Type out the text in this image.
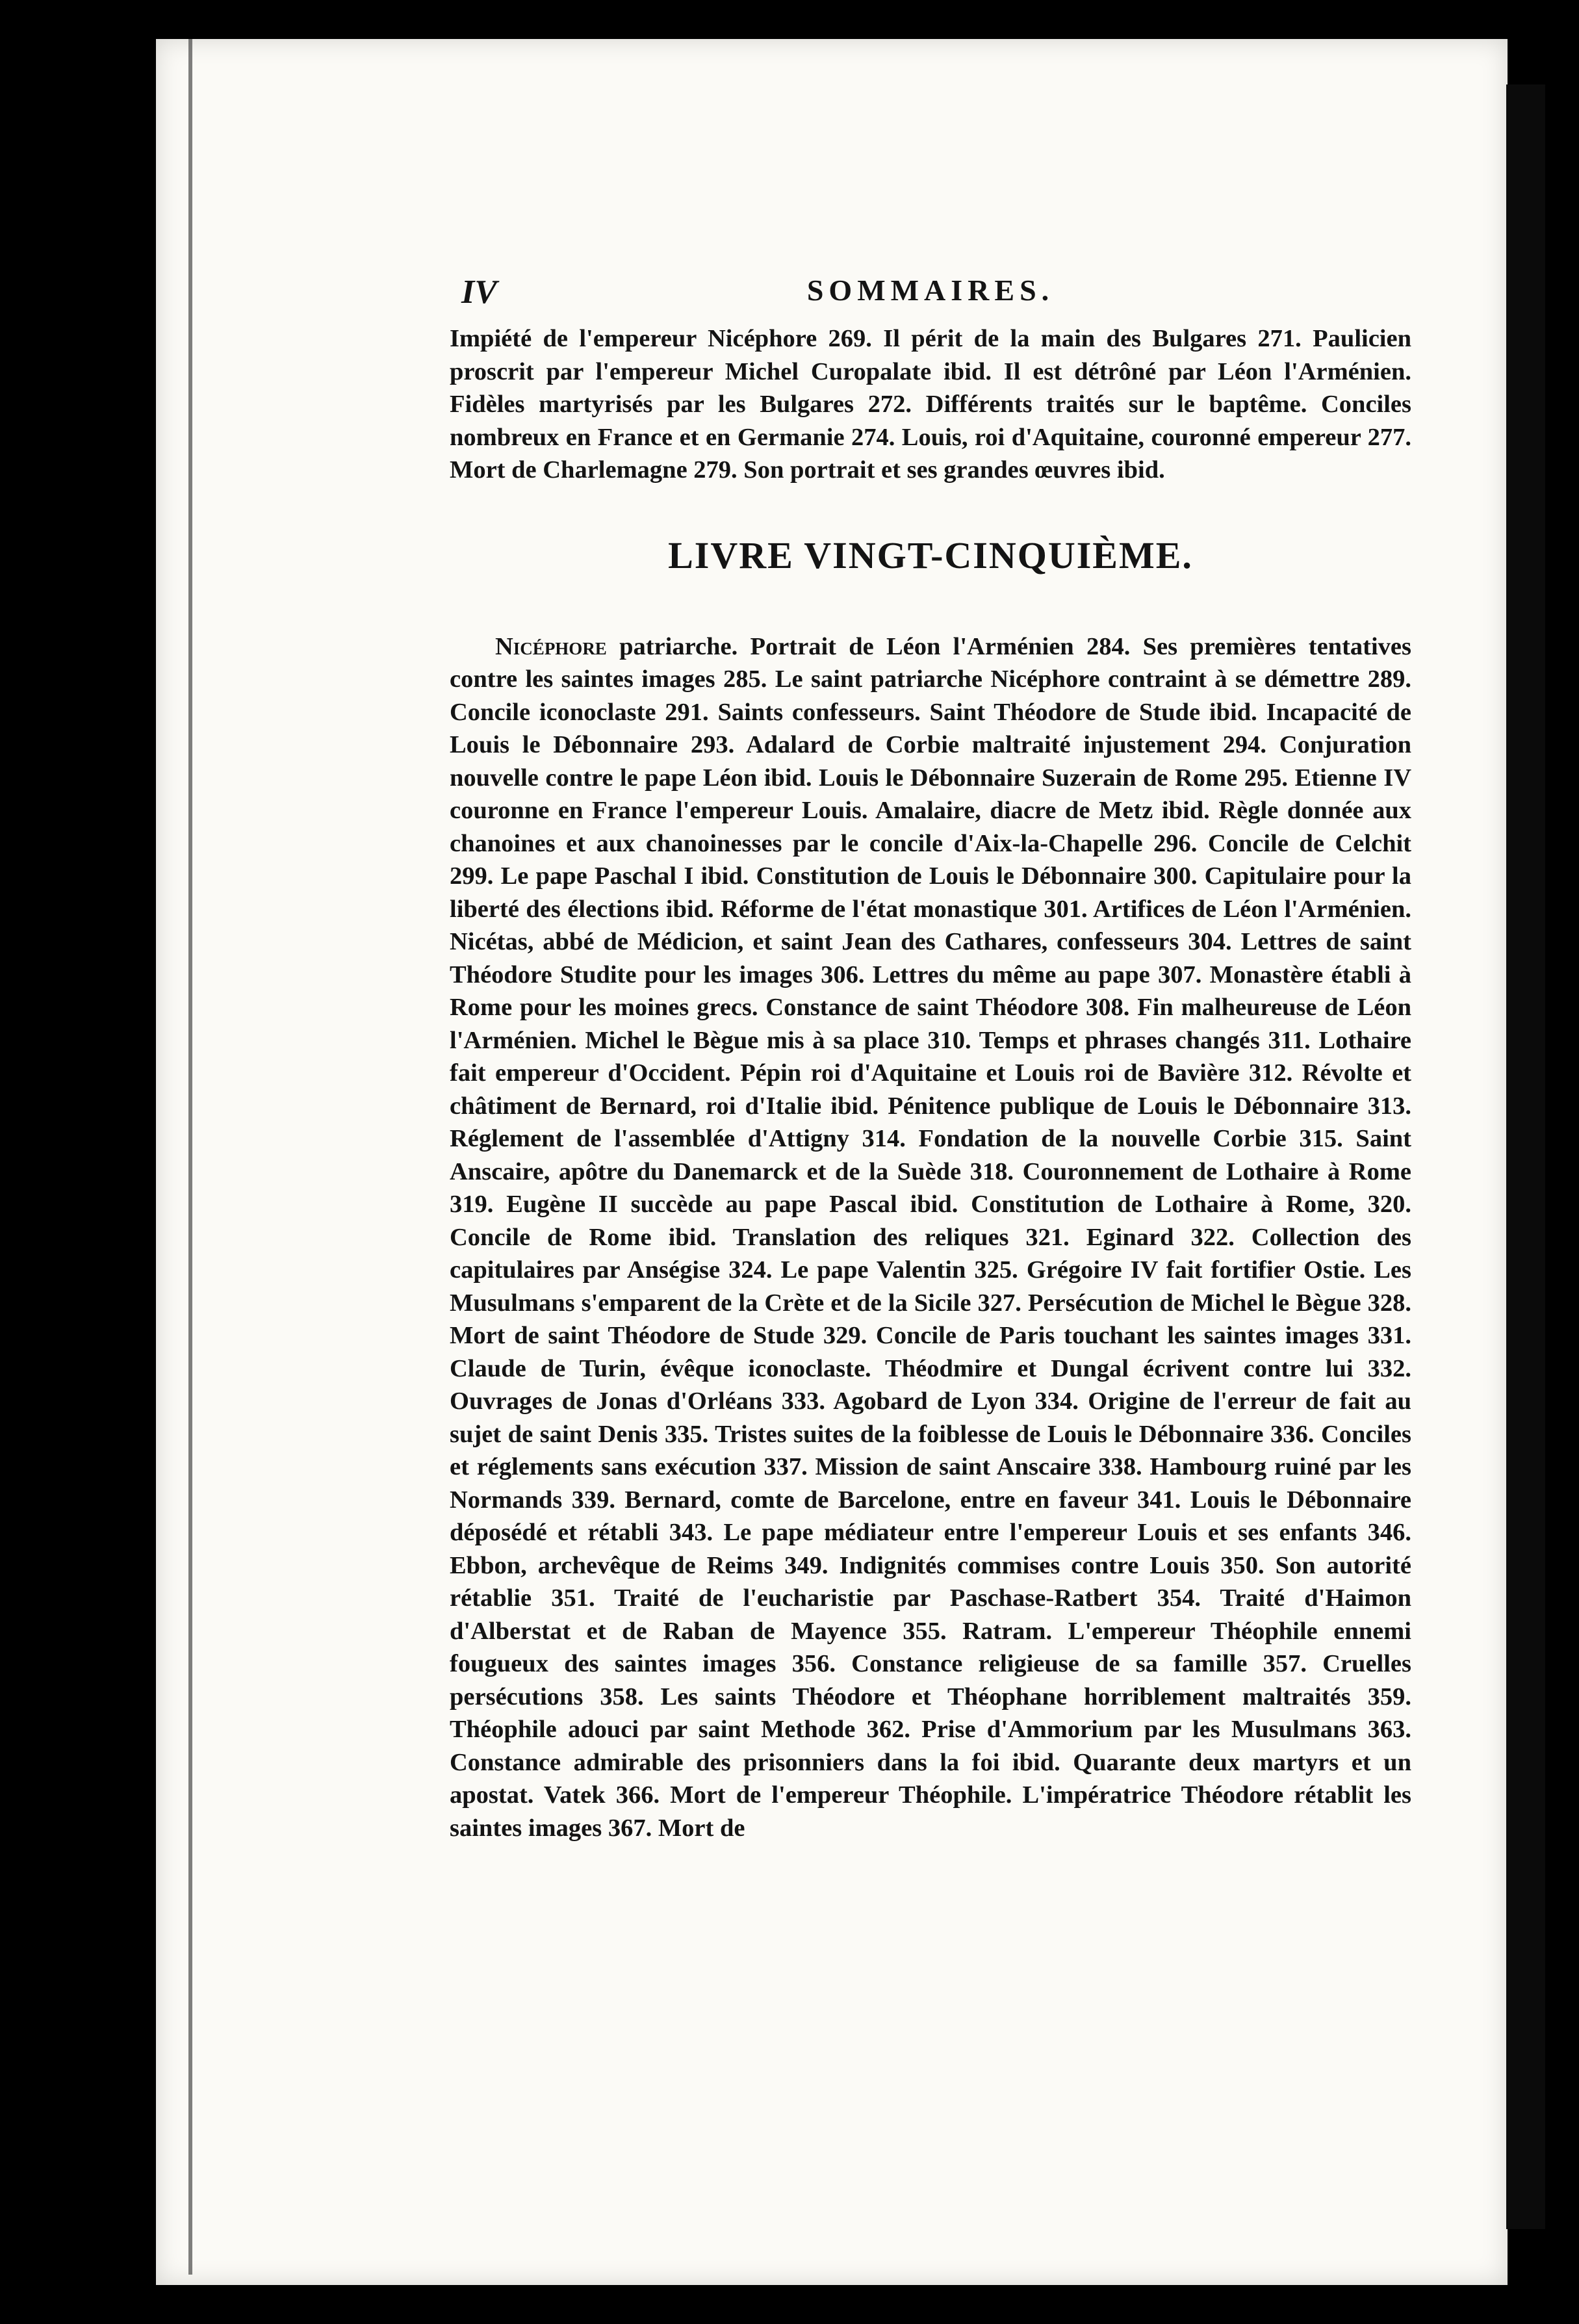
IV	SOMMAIRES.

Impiété de l'empereur Nicéphore 269. Il périt de la main des Bulgares 271. Paulicien proscrit par l'empereur Michel Curopalate ibid. Il est détrôné par Léon l'Arménien. Fidèles martyrisés par les Bulgares 272. Différents traités sur le baptême. Conciles nombreux en France et en Germanie 274. Louis, roi d'Aquitaine, couronné empereur 277. Mort de Charlemagne 279. Son portrait et ses grandes œuvres ibid.

LIVRE VINGT-CINQUIÈME.

Nicéphore patriarche. Portrait de Léon l'Arménien 284. Ses premières tentatives contre les saintes images 285. Le saint patriarche Nicéphore contraint à se démettre 289. Concile iconoclaste 291. Saints confesseurs. Saint Théodore de Stude ibid. Incapacité de Louis le Débonnaire 293. Adalard de Corbie maltraité injustement 294. Conjuration nouvelle contre le pape Léon ibid. Louis le Débonnaire Suzerain de Rome 295. Etienne IV couronne en France l'empereur Louis. Amalaire, diacre de Metz ibid. Règle donnée aux chanoines et aux chanoinesses par le concile d'Aix-la-Chapelle 296. Concile de Celchit 299. Le pape Paschal I ibid. Constitution de Louis le Débonnaire 300. Capitulaire pour la liberté des élections ibid. Réforme de l'état monastique 301. Artifices de Léon l'Arménien. Nicétas, abbé de Médicion, et saint Jean des Cathares, confesseurs 304. Lettres de saint Théodore Studite pour les images 306. Lettres du même au pape 307. Monastère établi à Rome pour les moines grecs. Constance de saint Théodore 308. Fin malheureuse de Léon l'Arménien. Michel le Bègue mis à sa place 310. Temps et phrases changés 311. Lothaire fait empereur d'Occident. Pépin roi d'Aquitaine et Louis roi de Bavière 312. Révolte et châtiment de Bernard, roi d'Italie ibid. Pénitence publique de Louis le Débonnaire 313. Réglement de l'assemblée d'Attigny 314. Fondation de la nouvelle Corbie 315. Saint Anscaire, apôtre du Danemarck et de la Suède 318. Couronnement de Lothaire à Rome 319. Eugène II succède au pape Pascal ibid. Constitution de Lothaire à Rome, 320. Concile de Rome ibid. Translation des reliques 321. Eginard 322. Collection des capitulaires par Anségise 324. Le pape Valentin 325. Grégoire IV fait fortifier Ostie. Les Musulmans s'emparent de la Crète et de la Sicile 327. Persécution de Michel le Bègue 328. Mort de saint Théodore de Stude 329. Concile de Paris touchant les saintes images 331. Claude de Turin, évêque iconoclaste. Théodmire et Dungal écrivent contre lui 332. Ouvrages de Jonas d'Orléans 333. Agobard de Lyon 334. Origine de l'erreur de fait au sujet de saint Denis 335. Tristes suites de la foiblesse de Louis le Débonnaire 336. Conciles et réglements sans exécution 337. Mission de saint Anscaire 338. Hambourg ruiné par les Normands 339. Bernard, comte de Barcelone, entre en faveur 341. Louis le Débonnaire déposédé et rétabli 343. Le pape médiateur entre l'empereur Louis et ses enfants 346. Ebbon, archevêque de Reims 349. Indignités commises contre Louis 350. Son autorité rétablie 351. Traité de l'eucharistie par Paschase-Ratbert 354. Traité d'Haimon d'Alberstat et de Raban de Mayence 355. Ratram. L'empereur Théophile ennemi fougueux des saintes images 356. Constance religieuse de sa famille 357. Cruelles persécutions 358. Les saints Théodore et Théophane horriblement maltraités 359. Théophile adouci par saint Methode 362. Prise d'Ammorium par les Musulmans 363. Constance admirable des prisonniers dans la foi ibid. Quarante deux martyrs et un apostat. Vatek 366. Mort de l'empereur Théophile. L'impératrice Théodore rétablit les saintes images 367. Mort de
